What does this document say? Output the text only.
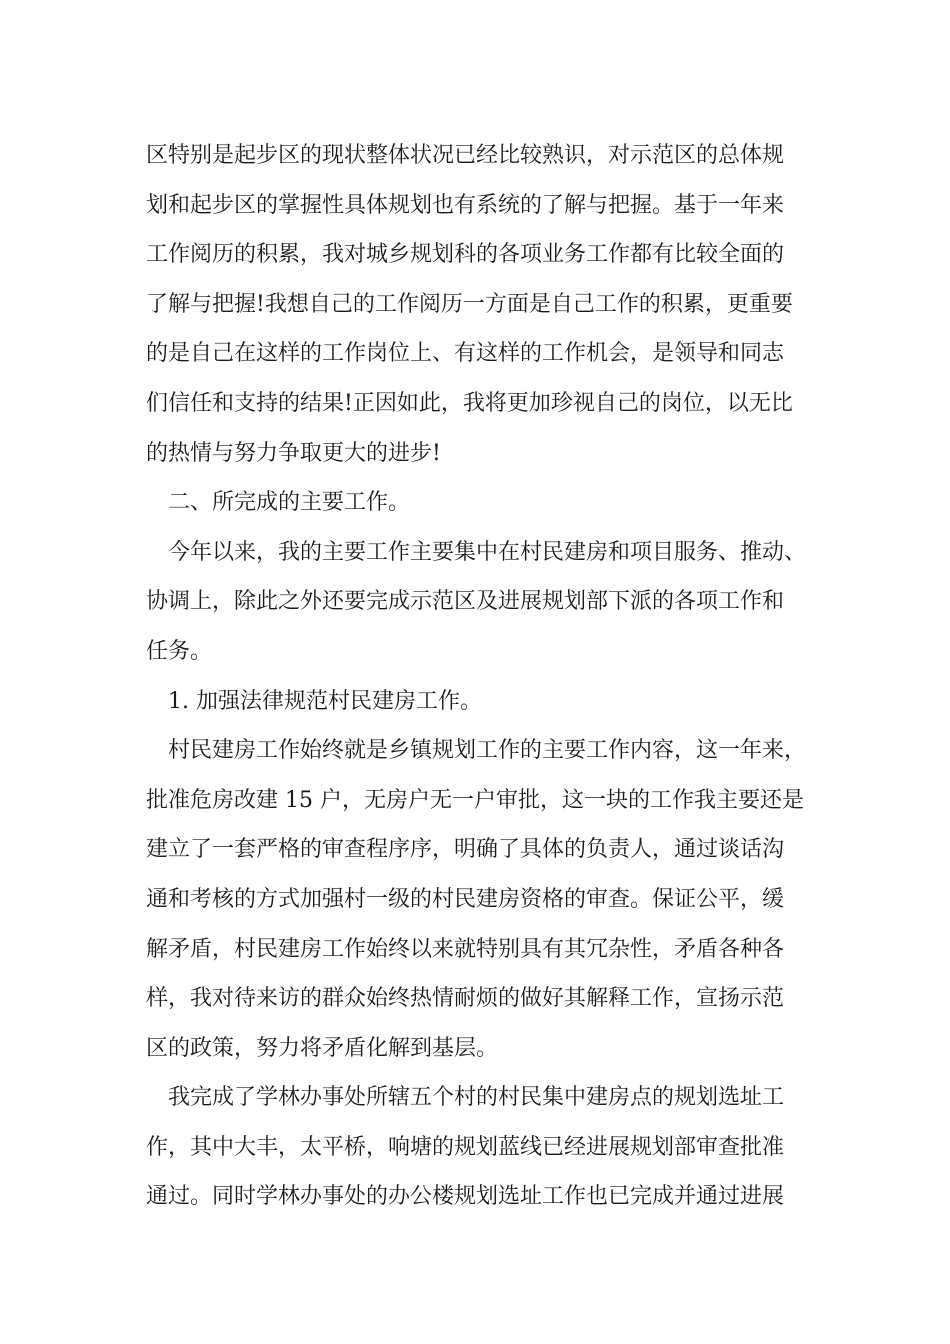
区特别是起步区的现状整体状况已经比较熟识，对示范区的总体规
划和起步区的掌握性具体规划也有系统的了解与把握。基于一年来
工作阅历的积累，我对城乡规划科的各项业务工作都有比较全面的
了解与把握!我想自己的工作阅历一方面是自己工作的积累，更重要
的是自己在这样的工作岗位上、有这样的工作机会，是领导和同志
们信任和支持的结果!正因如此，我将更加珍视自己的岗位，以无比
的热情与努力争取更大的进步!
二、所完成的主要工作。
今年以来，我的主要工作主要集中在村民建房和项目服务、推动、
协调上，除此之外还要完成示范区及进展规划部下派的各项工作和
任务。
1. 加强法律规范村民建房工作。
村民建房工作始终就是乡镇规划工作的主要工作内容，这一年来，
批准危房改建 15 户，无房户无一户审批，这一块的工作我主要还是
建立了一套严格的审查程序序，明确了具体的负责人，通过谈话沟
通和考核的方式加强村一级的村民建房资格的审查。保证公平，缓
解矛盾，村民建房工作始终以来就特别具有其冗杂性，矛盾各种各
样，我对待来访的群众始终热情耐烦的做好其解释工作，宣扬示范
区的政策，努力将矛盾化解到基层。
我完成了学林办事处所辖五个村的村民集中建房点的规划选址工
作，其中大丰，太平桥，响塘的规划蓝线已经进展规划部审查批准
通过。同时学林办事处的办公楼规划选址工作也已完成并通过进展
